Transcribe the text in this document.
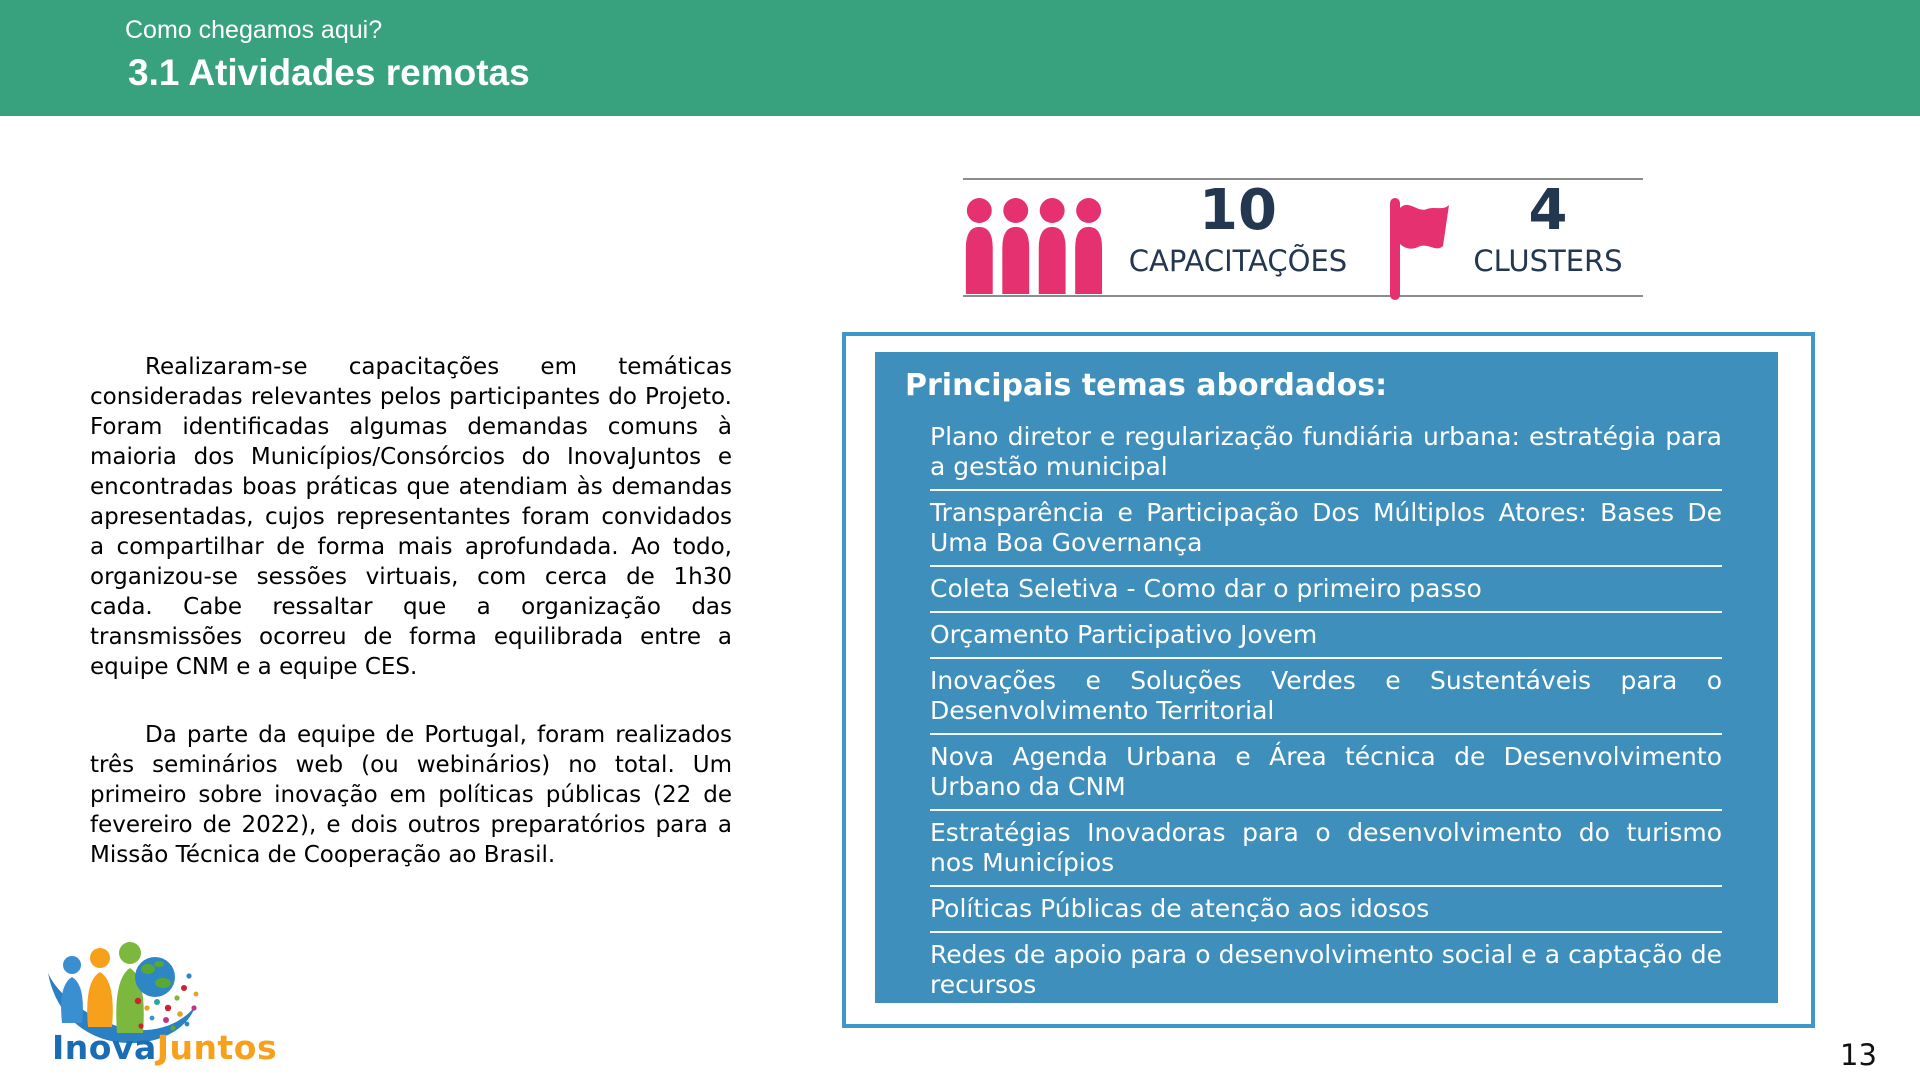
Como chegamos aqui?
3.1 Atividades remotas
10
CAPACITAÇÕES
4
CLUSTERS

Realizaram-se capacitações em temáticas consideradas relevantes pelos participantes do Projeto. Foram identificadas algumas demandas comuns à maioria dos Municípios/Consórcios do InovaJuntos e encontradas boas práticas que atendiam às demandas apresentadas, cujos representantes foram convidados a compartilhar de forma mais aprofundada. Ao todo, organizou-se sessões virtuais, com cerca de 1h30 cada. Cabe ressaltar que a organização das transmissões ocorreu de forma equilibrada entre a equipe CNM e a equipe CES.

Da parte da equipe de Portugal, foram realizados três seminários web (ou webinários) no total. Um primeiro sobre inovação em políticas públicas (22 de fevereiro de 2022), e dois outros preparatórios para a Missão Técnica de Cooperação ao Brasil.

Principais temas abordados:
Plano diretor e regularização fundiária urbana: estratégia para a gestão municipal
Transparência e Participação Dos Múltiplos Atores: Bases De Uma Boa Governança
Coleta Seletiva - Como dar o primeiro passo
Orçamento Participativo Jovem
Inovações e Soluções Verdes e Sustentáveis para o Desenvolvimento Territorial
Nova Agenda Urbana e Área técnica de Desenvolvimento Urbano da CNM
Estratégias Inovadoras para o desenvolvimento do turismo nos Municípios
Políticas Públicas de atenção aos idosos
Redes de apoio para o desenvolvimento social e a captação de recursos
InovaJuntos	13
